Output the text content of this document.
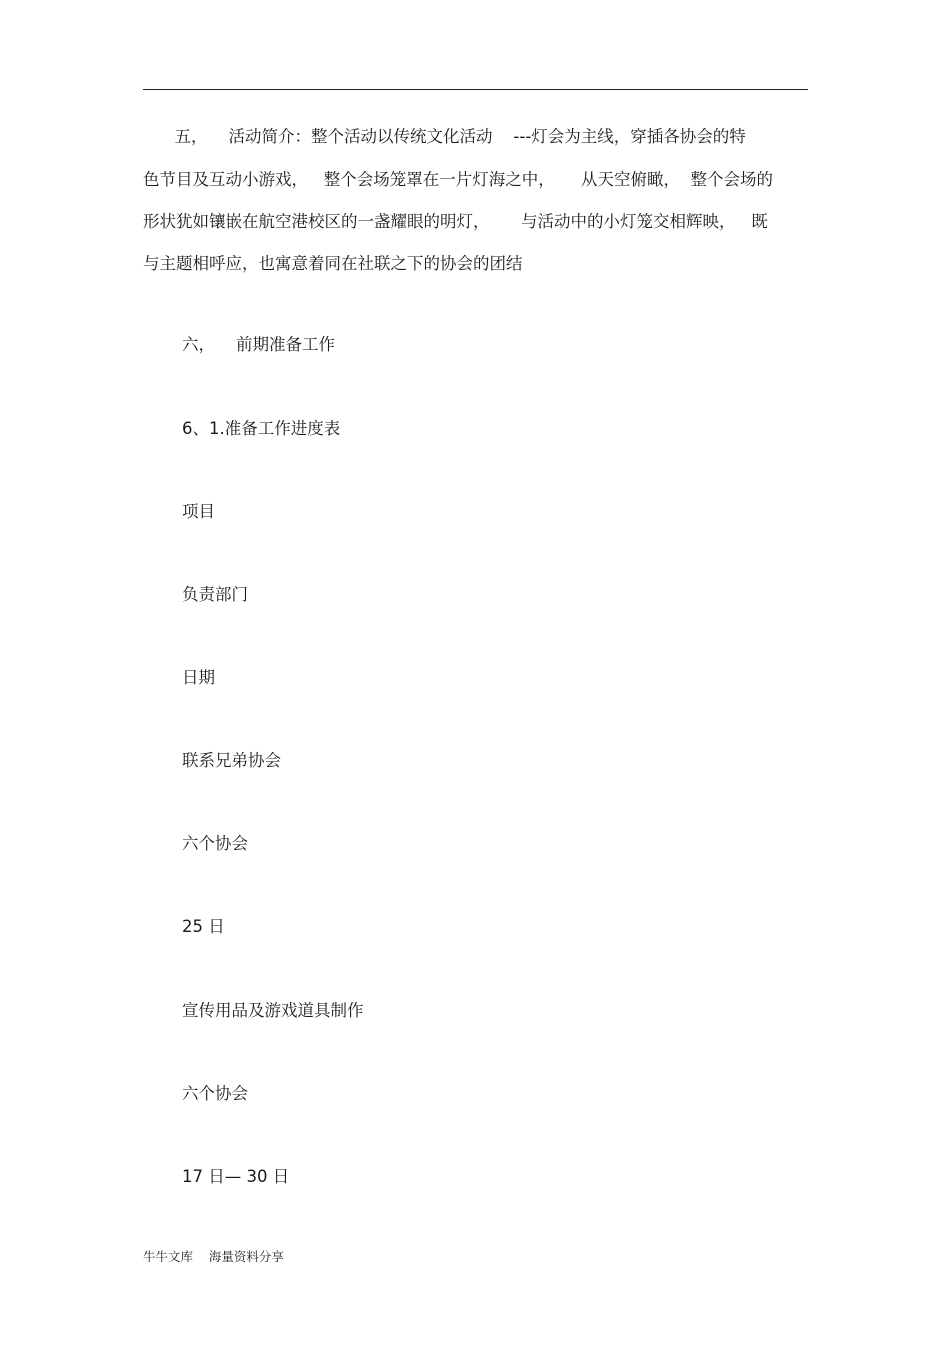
五，    活动简介：整个活动以传统文化活动    ---灯会为主线，穿插各协会的特
色节目及互动小游戏，   整个会场笼罩在一片灯海之中，     从天空俯瞰，  整个会场的
形状犹如镶嵌在航空港校区的一盏耀眼的明灯，      与活动中的小灯笼交相辉映，   既
与主题相呼应，也寓意着同在社联之下的协会的团结
六，    前期准备工作
6、1.准备工作进度表
项目
负责部门
日期
联系兄弟协会
六个协会
25 日
宣传用品及游戏道具制作
六个协会
17 日— 30 日
牛牛文库    海量资料分享
